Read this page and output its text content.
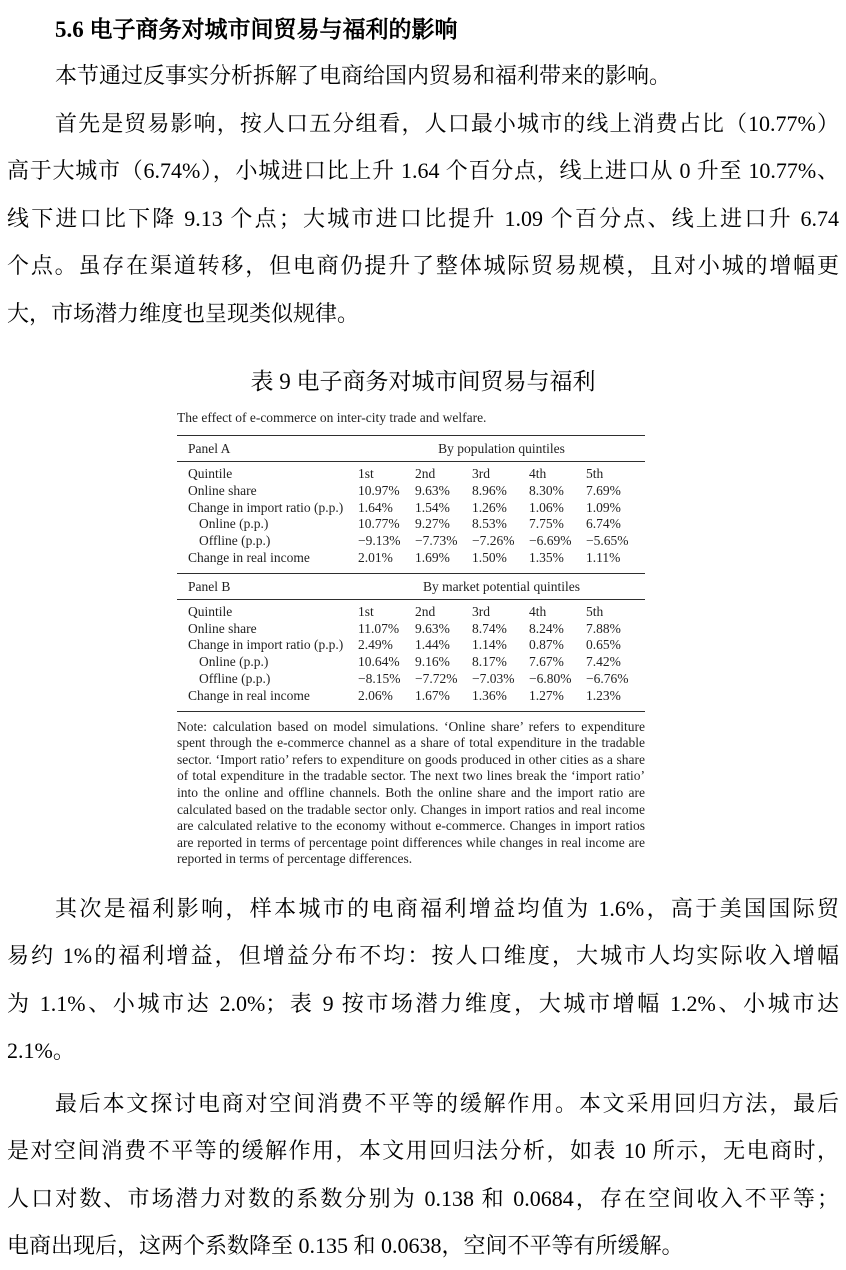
5.6 电子商务对城市间贸易与福利的影响
本节通过反事实分析拆解了电商给国内贸易和福利带来的影响。
首先是贸易影响，按人口五分组看，人口最小城市的线上消费占比（10.77%）
高于大城市（6.74%），小城进口比上升 1.64 个百分点，线上进口从 0 升至 10.77%、
线下进口比下降 9.13 个点；大城市进口比提升 1.09 个百分点、线上进口升 6.74
个点。虽存在渠道转移，但电商仍提升了整体城际贸易规模，且对小城的增幅更
大，市场潜力维度也呈现类似规律。
表 9 电子商务对城市间贸易与福利
The effect of e-commerce on inter-city trade and welfare.
Panel A	By population quintiles
Quintile	1st	2nd	3rd	4th	5th
Online share	10.97%	9.63%	8.96%	8.30%	7.69%
Change in import ratio (p.p.)	1.64%	1.54%	1.26%	1.06%	1.09%
Online (p.p.)	10.77%	9.27%	8.53%	7.75%	6.74%
Offline (p.p.)	−9.13%	−7.73%	−7.26%	−6.69%	−5.65%
Change in real income	2.01%	1.69%	1.50%	1.35%	1.11%
Panel B	By market potential quintiles
Quintile	1st	2nd	3rd	4th	5th
Online share	11.07%	9.63%	8.74%	8.24%	7.88%
Change in import ratio (p.p.)	2.49%	1.44%	1.14%	0.87%	0.65%
Online (p.p.)	10.64%	9.16%	8.17%	7.67%	7.42%
Offline (p.p.)	−8.15%	−7.72%	−7.03%	−6.80%	−6.76%
Change in real income	2.06%	1.67%	1.36%	1.27%	1.23%
Note: calculation based on model simulations. ‘Online share’ refers to expenditure spent through the e-commerce channel as a share of total expenditure in the tradable sector. ‘Import ratio’ refers to expenditure on goods produced in other cities as a share of total expenditure in the tradable sector. The next two lines break the ‘import ratio’ into the online and offline channels. Both the online share and the import ratio are calculated based on the tradable sector only. Changes in import ratios and real income are calculated relative to the economy without e-commerce. Changes in import ratios are reported in terms of percentage point differences while changes in real income are reported in terms of percentage differences.
其次是福利影响，样本城市的电商福利增益均值为 1.6%，高于美国国际贸
易约 1%的福利增益，但增益分布不均：按人口维度，大城市人均实际收入增幅
为 1.1%、小城市达 2.0%；表 9 按市场潜力维度，大城市增幅 1.2%、小城市达
2.1%。
最后本文探讨电商对空间消费不平等的缓解作用。本文采用回归方法，最后
是对空间消费不平等的缓解作用，本文用回归法分析，如表 10 所示，无电商时，
人口对数、市场潜力对数的系数分别为 0.138 和 0.0684，存在空间收入不平等；
电商出现后，这两个系数降至 0.135 和 0.0638，空间不平等有所缓解。
